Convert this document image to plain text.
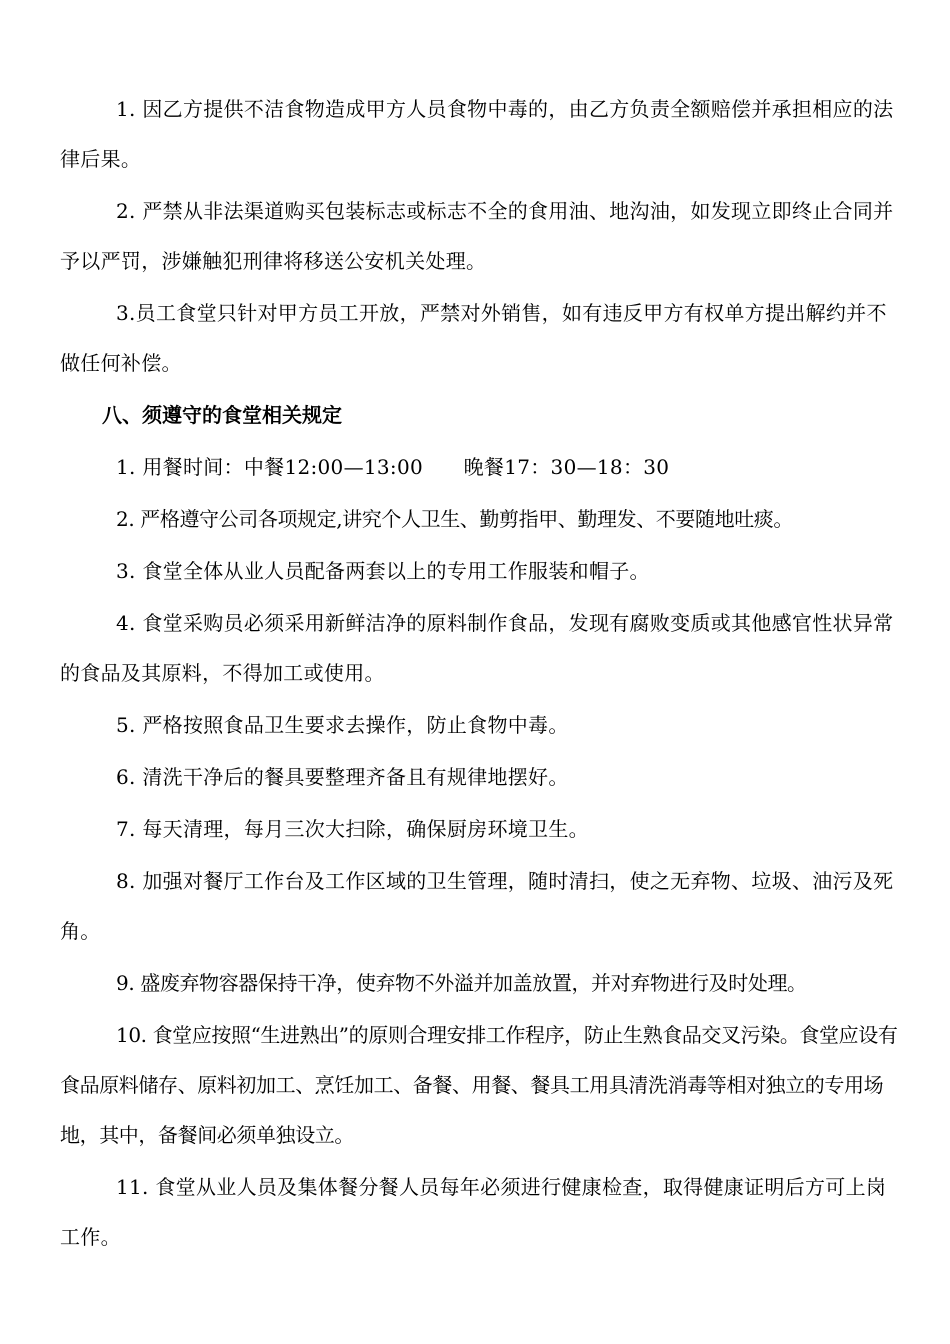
1. 因乙方提供不洁食物造成甲方人员食物中毒的，由乙方负责全额赔偿并承担相应的法律后果。

2. 严禁从非法渠道购买包装标志或标志不全的食用油、地沟油，如发现立即终止合同并予以严罚，涉嫌触犯刑律将移送公安机关处理。

3.员工食堂只针对甲方员工开放，严禁对外销售，如有违反甲方有权单方提出解约并不做任何补偿。

八、须遵守的食堂相关规定

1. 用餐时间：中餐12:00—13:00　　晚餐17：30—18：30

2. 严格遵守公司各项规定,讲究个人卫生、勤剪指甲、勤理发、不要随地吐痰。

3. 食堂全体从业人员配备两套以上的专用工作服装和帽子。

4. 食堂采购员必须采用新鲜洁净的原料制作食品，发现有腐败变质或其他感官性状异常的食品及其原料，不得加工或使用。

5. 严格按照食品卫生要求去操作，防止食物中毒。

6. 清洗干净后的餐具要整理齐备且有规律地摆好。

7. 每天清理，每月三次大扫除，确保厨房环境卫生。

8. 加强对餐厅工作台及工作区域的卫生管理，随时清扫，使之无弃物、垃圾、油污及死角。

9. 盛废弃物容器保持干净，使弃物不外溢并加盖放置，并对弃物进行及时处理。

10. 食堂应按照“生进熟出”的原则合理安排工作程序，防止生熟食品交叉污染。食堂应设有食品原料储存、原料初加工、烹饪加工、备餐、用餐、餐具工用具清洗消毒等相对独立的专用场地，其中，备餐间必须单独设立。

11. 食堂从业人员及集体餐分餐人员每年必须进行健康检查，取得健康证明后方可上岗工作。
